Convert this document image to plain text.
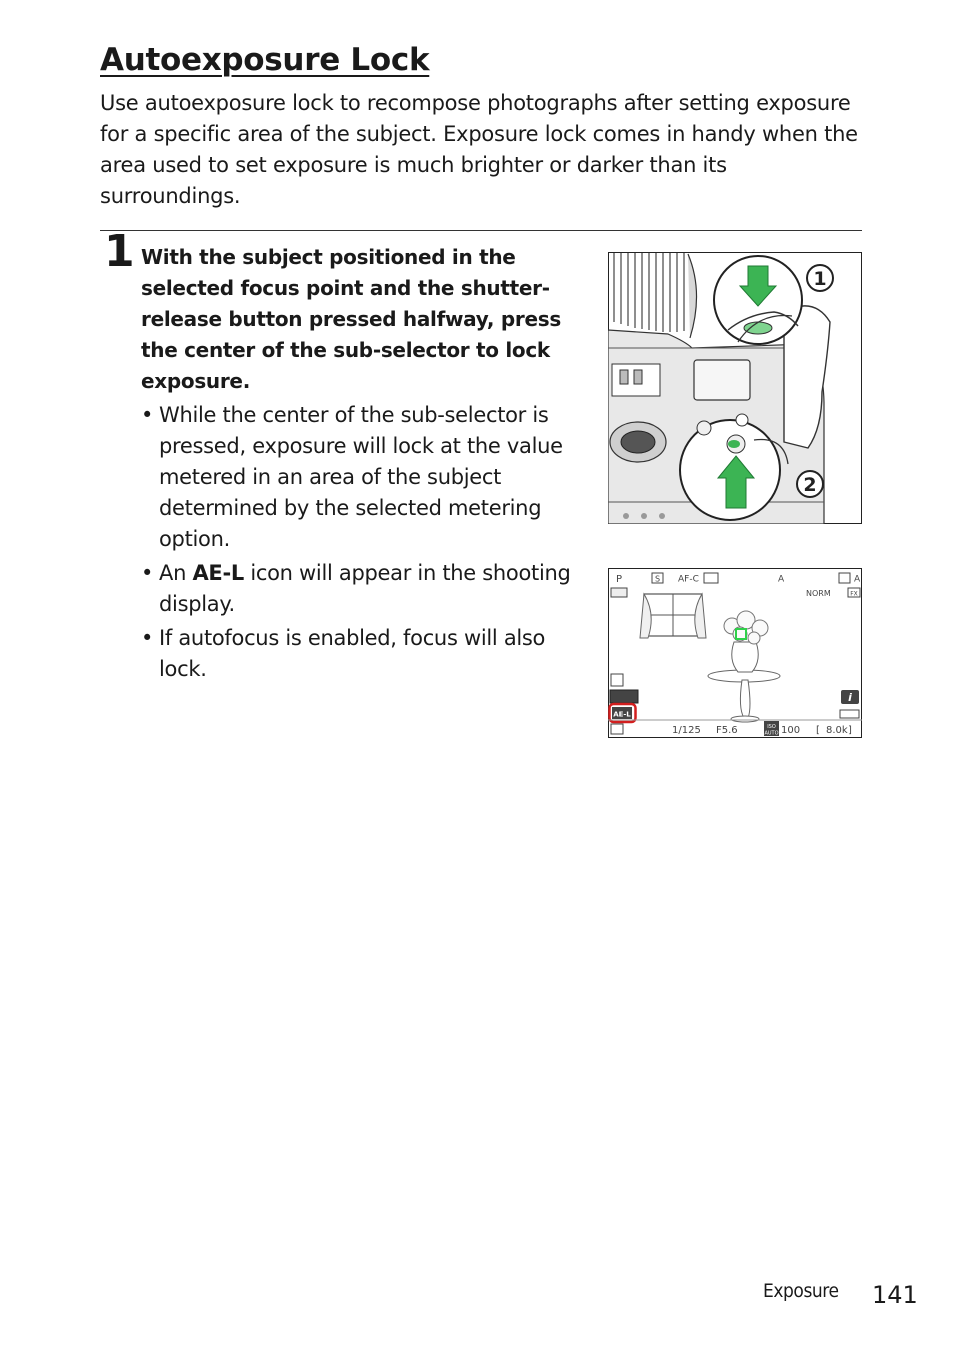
Autoexposure Lock

Use autoexposure lock to recompose photographs after setting exposure for a specific area of the subject. Exposure lock comes in handy when the area used to set exposure is much brighter or darker than its surroundings.

1 With the subject positioned in the selected focus point and the shutter-release button pressed halfway, press the center of the sub-selector to lock exposure.

• While the center of the sub-selector is pressed, exposure will lock at the value metered in an area of the subject determined by the selected metering option.
• An AE-L icon will appear in the shooting display.
• If autofocus is enabled, focus will also lock.
1
2
P	S AF-C	A	A
NORM	FX
AE-L
i
1/125 F5.6	ISO
AUTO 100 [ 8.0k ]
Exposure 141
